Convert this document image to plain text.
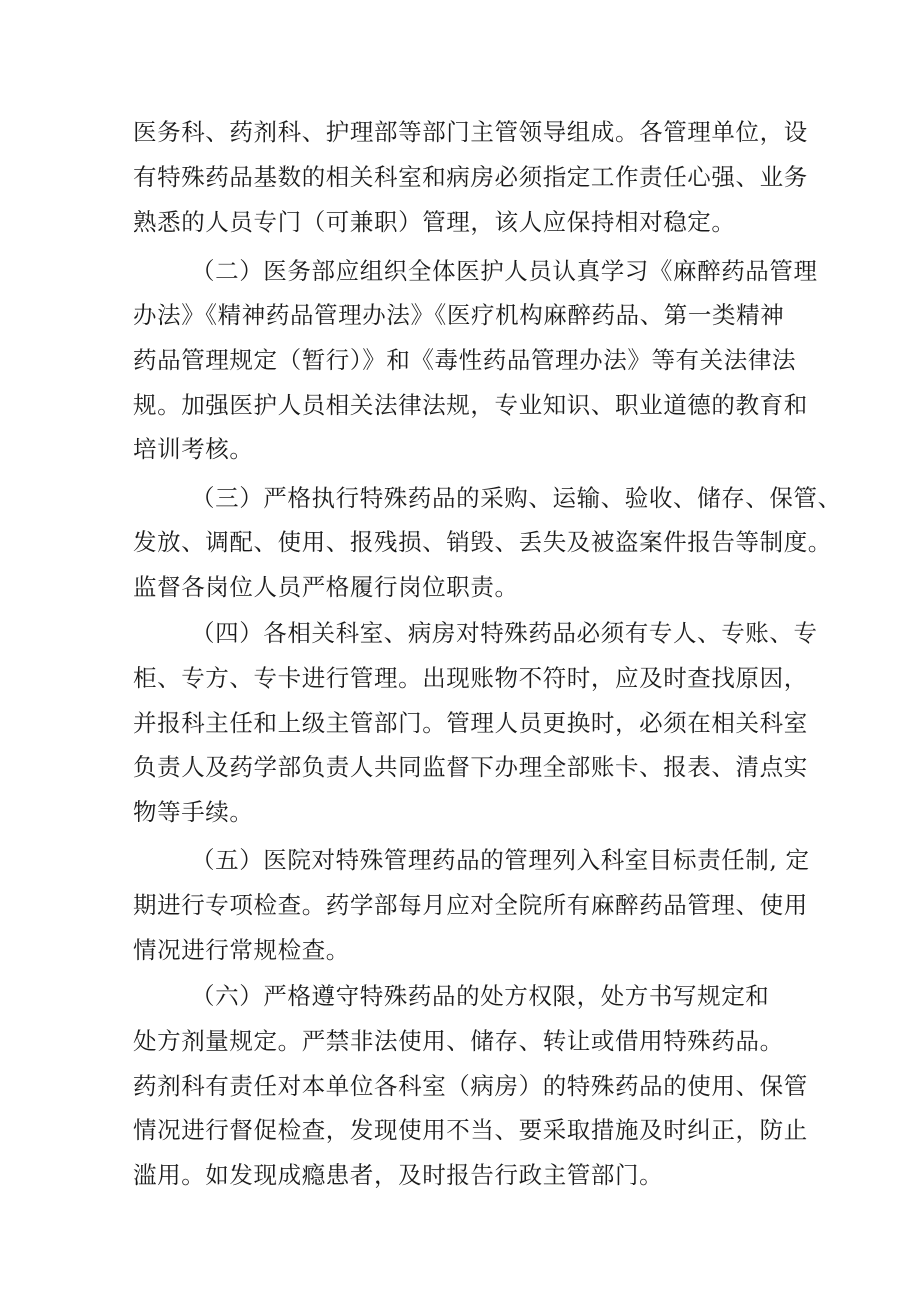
医务科、药剂科、护理部等部门主管领导组成。各管理单位，设
有特殊药品基数的相关科室和病房必须指定工作责任心强、业务
熟悉的人员专门（可兼职）管理，该人应保持相对稳定。
（二）医务部应组织全体医护人员认真学习《麻醉药品管理
办法》《精神药品管理办法》《医疗机构麻醉药品、第一类精神
药品管理规定（暂行）》和《毒性药品管理办法》等有关法律法
规。加强医护人员相关法律法规，专业知识、职业道德的教育和
培训考核。
（三）严格执行特殊药品的采购、运输、验收、储存、保管、
发放、调配、使用、报残损、销毁、丢失及被盗案件报告等制度。
监督各岗位人员严格履行岗位职责。
（四）各相关科室、病房对特殊药品必须有专人、专账、专
柜、专方、专卡进行管理。出现账物不符时，应及时查找原因，
并报科主任和上级主管部门。管理人员更换时，必须在相关科室
负责人及药学部负责人共同监督下办理全部账卡、报表、清点实
物等手续。
（五）医院对特殊管理药品的管理列入科室目标责任制, 定
期进行专项检查。药学部每月应对全院所有麻醉药品管理、使用
情况进行常规检查。
（六）严格遵守特殊药品的处方权限，处方书写规定和
处方剂量规定。严禁非法使用、储存、转让或借用特殊药品。
药剂科有责任对本单位各科室（病房）的特殊药品的使用、保管
情况进行督促检查，发现使用不当、要采取措施及时纠正，防止
滥用。如发现成瘾患者，及时报告行政主管部门。
